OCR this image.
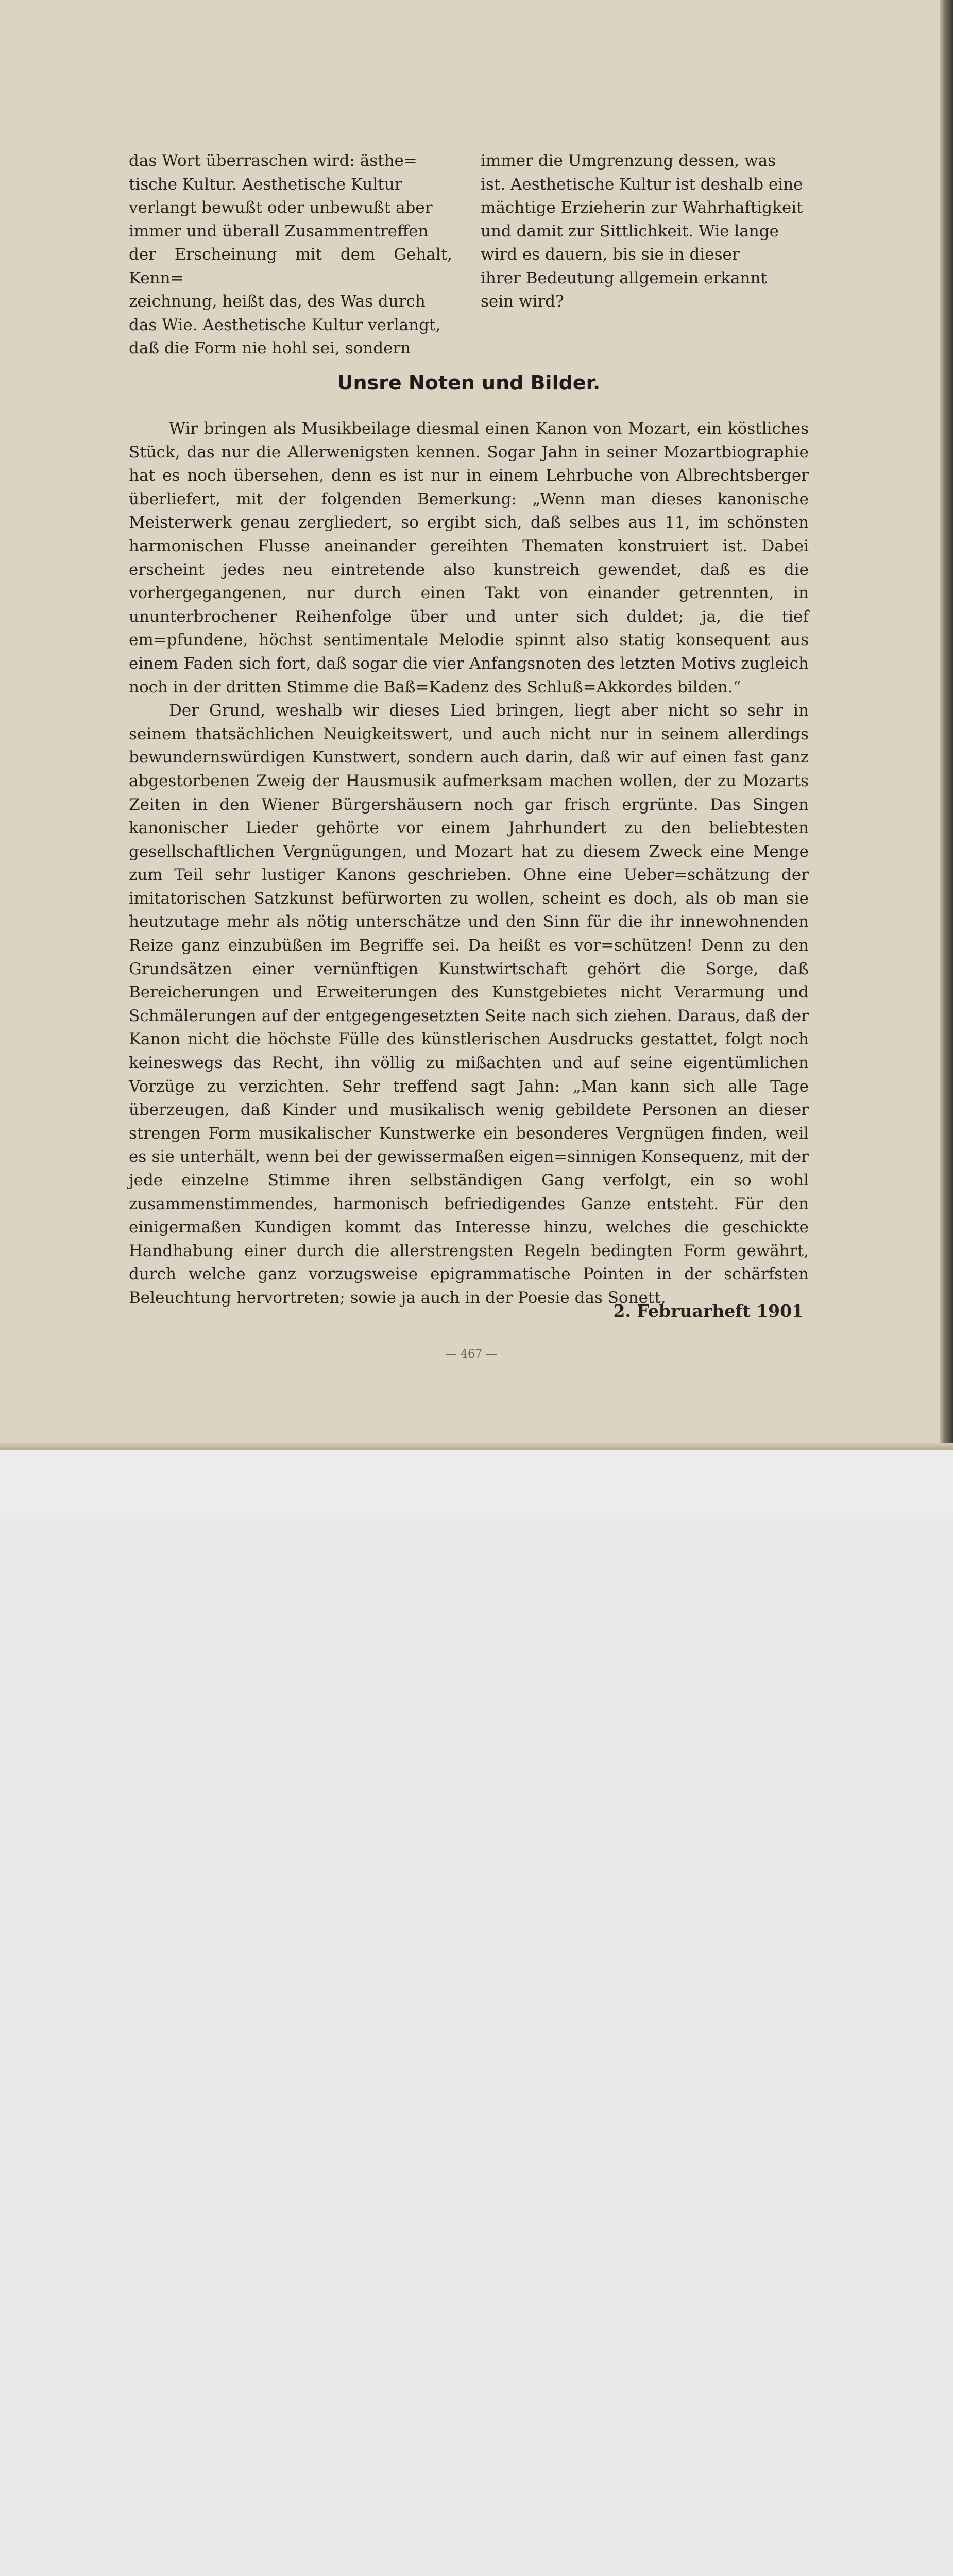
das Wort überraschen wird: ästhe=
tische Kultur. Aesthetische Kultur
verlangt bewußt oder unbewußt aber
immer und überall Zusammentreffen
der Erscheinung mit dem Gehalt, Kenn=
zeichnung, heißt das, des Was durch
das Wie. Aesthetische Kultur verlangt,
daß die Form nie hohl sei, sondern
immer die Umgrenzung dessen, was
ist. Aesthetische Kultur ist deshalb eine
mächtige Erzieherin zur Wahrhaftigkeit
und damit zur Sittlichkeit. Wie lange
wird es dauern, bis sie in dieser
ihrer Bedeutung allgemein erkannt
sein wird?
Unsre Noten und Bilder.

Wir bringen als Musikbeilage diesmal einen Kanon von Mozart, ein köstliches Stück, das nur die Allerwenigsten kennen. Sogar Jahn in seiner Mozartbiographie hat es noch übersehen, denn es ist nur in einem Lehrbuche von Albrechtsberger überliefert, mit der folgenden Bemerkung: „Wenn man dieses kanonische Meisterwerk genau zergliedert, so ergibt sich, daß selbes aus 11, im schönsten harmonischen Flusse aneinander gereihten Thematen konstruiert ist. Dabei erscheint jedes neu eintretende also kunstreich gewendet, daß es die vorhergegangenen, nur durch einen Takt von einander getrennten, in ununterbrochener Reihenfolge über und unter sich duldet; ja, die tief em=pfundene, höchst sentimentale Melodie spinnt also statig konsequent aus einem Faden sich fort, daß sogar die vier Anfangsnoten des letzten Motivs zugleich noch in der dritten Stimme die Baß=Kadenz des Schluß=Akkordes bilden.“

Der Grund, weshalb wir dieses Lied bringen, liegt aber nicht so sehr in seinem thatsächlichen Neuigkeitswert, und auch nicht nur in seinem allerdings bewundernswürdigen Kunstwert, sondern auch darin, daß wir auf einen fast ganz abgestorbenen Zweig der Hausmusik aufmerksam machen wollen, der zu Mozarts Zeiten in den Wiener Bürgershäusern noch gar frisch ergrünte. Das Singen kanonischer Lieder gehörte vor einem Jahrhundert zu den beliebtesten gesellschaftlichen Vergnügungen, und Mozart hat zu diesem Zweck eine Menge zum Teil sehr lustiger Kanons geschrieben. Ohne eine Ueber=schätzung der imitatorischen Satzkunst befürworten zu wollen, scheint es doch, als ob man sie heutzutage mehr als nötig unterschätze und den Sinn für die ihr innewohnenden Reize ganz einzubüßen im Begriffe sei. Da heißt es vor=schützen! Denn zu den Grundsätzen einer vernünftigen Kunstwirtschaft gehört die Sorge, daß Bereicherungen und Erweiterungen des Kunstgebietes nicht Verarmung und Schmälerungen auf der entgegengesetzten Seite nach sich ziehen. Daraus, daß der Kanon nicht die höchste Fülle des künstlerischen Ausdrucks gestattet, folgt noch keineswegs das Recht, ihn völlig zu mißachten und auf seine eigentümlichen Vorzüge zu verzichten. Sehr treffend sagt Jahn: „Man kann sich alle Tage überzeugen, daß Kinder und musikalisch wenig gebildete Personen an dieser strengen Form musikalischer Kunstwerke ein besonderes Vergnügen finden, weil es sie unterhält, wenn bei der gewissermaßen eigen=sinnigen Konsequenz, mit der jede einzelne Stimme ihren selbständigen Gang verfolgt, ein so wohl zusammenstimmendes, harmonisch befriedigendes Ganze entsteht. Für den einigermaßen Kundigen kommt das Interesse hinzu, welches die geschickte Handhabung einer durch die allerstrengsten Regeln bedingten Form gewährt, durch welche ganz vorzugsweise epigrammatische Pointen in der schärfsten Beleuchtung hervortreten; sowie ja auch in der Poesie das Sonett,

2. Februarheft 1901
— 467 —
